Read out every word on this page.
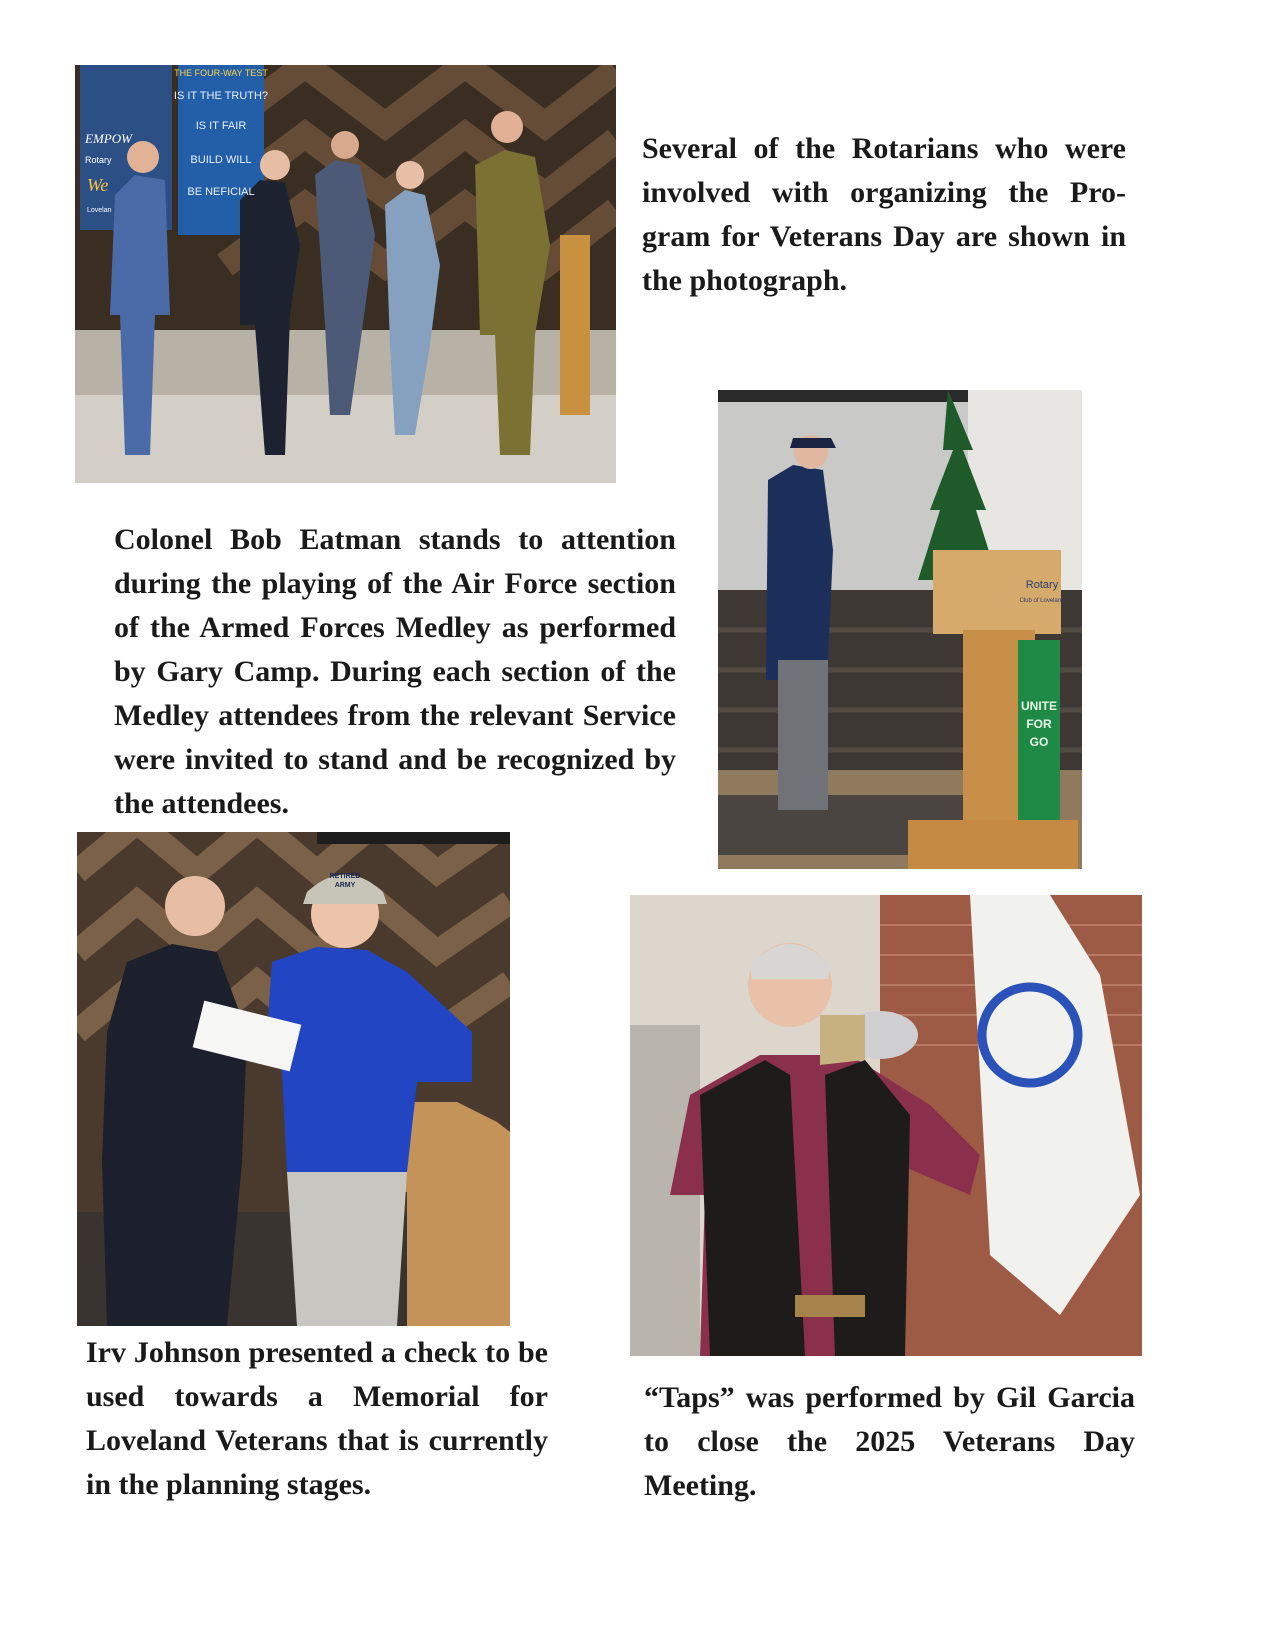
THE FOUR-WAY TEST
IS IT THE TRUTH?
IS IT FAIR
BUILD WILL
BE NEFICIAL
EMPOW
Rotary
We
Lovelan

Several of the Rotarians who were involved with organizing the Program for Veterans Day are shown in the photograph.

Rotary
Club of Loveland
UNITE
FOR
GO

Colonel Bob Eatman stands to attention during the playing of the Air Force section of the Armed Forces Medley as performed by Gary Camp. During each section of the Medley attendees from the relevant Service were invited to stand and be recognized by the attendees.

RETIRED
ARMY

Irv Johnson presented a check to be used towards a Memorial for Loveland Veterans that is currently in the planning stages.

“Taps” was performed by Gil Garcia to close the 2025 Veterans Day Meeting.
